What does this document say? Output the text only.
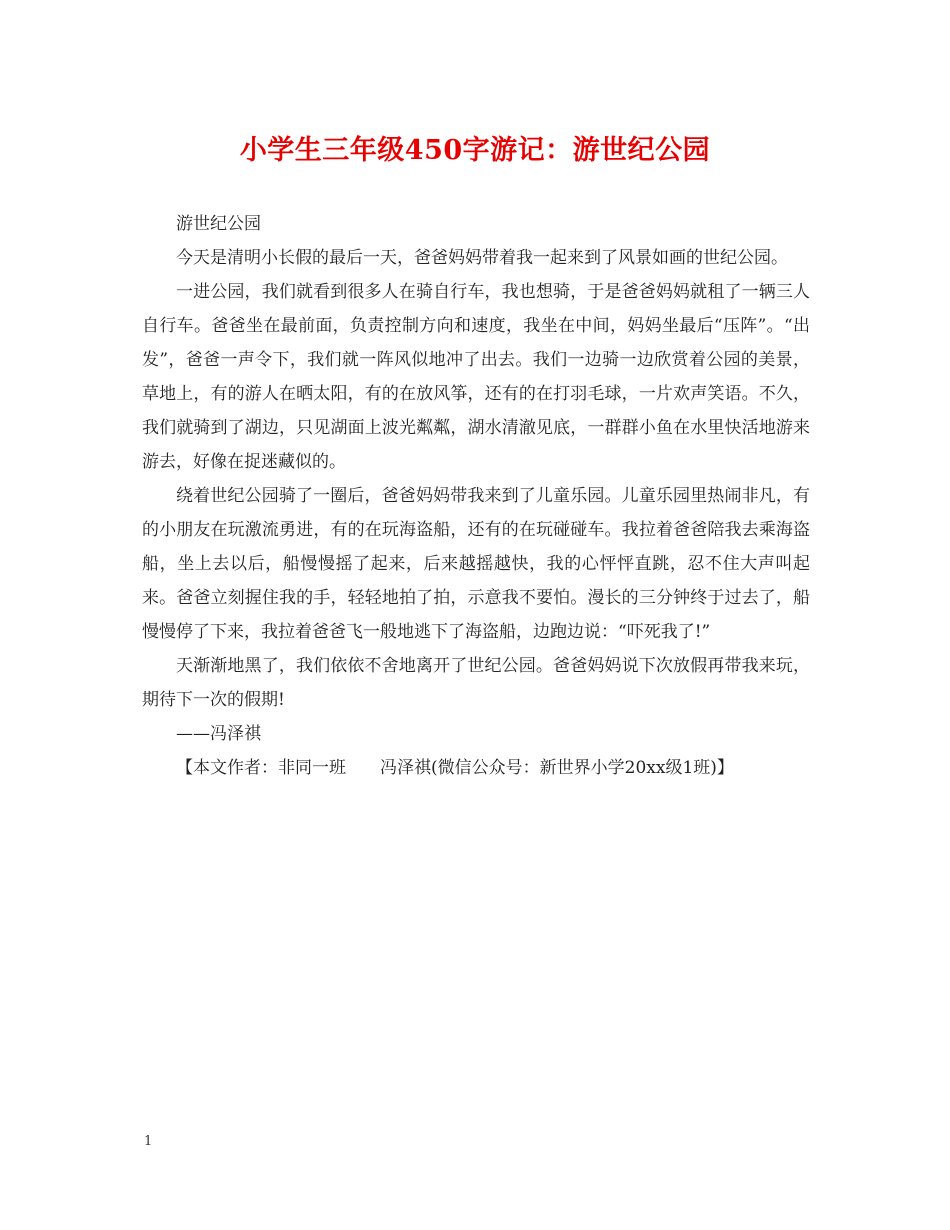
小学生三年级450字游记：游世纪公园

游世纪公园

今天是清明小长假的最后一天，爸爸妈妈带着我一起来到了风景如画的世纪公园。

一进公园，我们就看到很多人在骑自行车，我也想骑，于是爸爸妈妈就租了一辆三人自行车。爸爸坐在最前面，负责控制方向和速度，我坐在中间，妈妈坐最后“压阵”。“出发”，爸爸一声令下，我们就一阵风似地冲了出去。我们一边骑一边欣赏着公园的美景，草地上，有的游人在晒太阳，有的在放风筝，还有的在打羽毛球，一片欢声笑语。不久，我们就骑到了湖边，只见湖面上波光粼粼，湖水清澈见底，一群群小鱼在水里快活地游来游去，好像在捉迷藏似的。

绕着世纪公园骑了一圈后，爸爸妈妈带我来到了儿童乐园。儿童乐园里热闹非凡，有的小朋友在玩激流勇进，有的在玩海盗船，还有的在玩碰碰车。我拉着爸爸陪我去乘海盗船，坐上去以后，船慢慢摇了起来，后来越摇越快，我的心怦怦直跳，忍不住大声叫起来。爸爸立刻握住我的手，轻轻地拍了拍，示意我不要怕。漫长的三分钟终于过去了，船慢慢停了下来，我拉着爸爸飞一般地逃下了海盗船，边跑边说：“吓死我了!”

天渐渐地黑了，我们依依不舍地离开了世纪公园。爸爸妈妈说下次放假再带我来玩，期待下一次的假期!

——冯泽祺

【本文作者：非同一班　　冯泽祺(微信公众号：新世界小学20xx级1班)】

1
